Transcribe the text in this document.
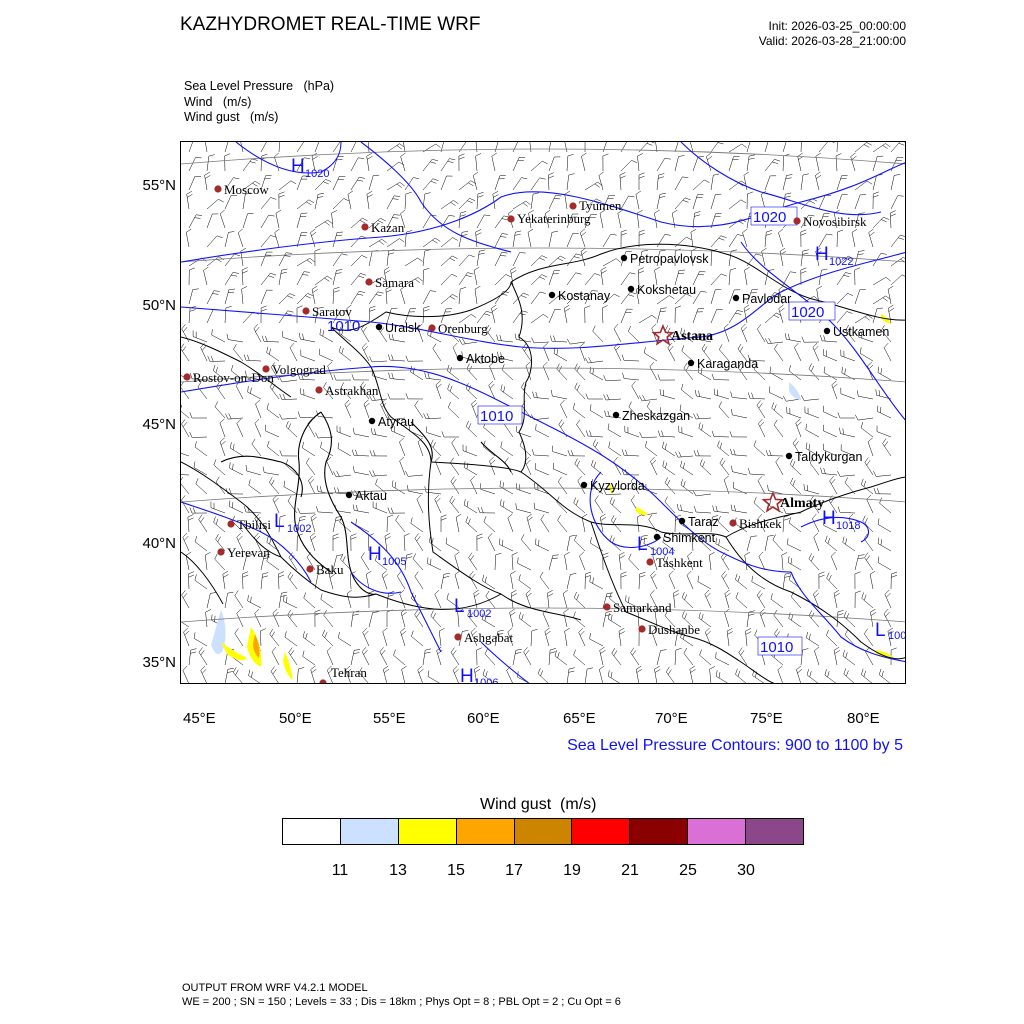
KAZHYDROMET REAL-TIME WRF	Init: 2026-03-25_00:00:00
Valid: 2026-03-28_21:00:00
Sea Level Pressure   (hPa)
Wind   (m/s)
Wind gust   (m/s)
1020
1020
1010
1010
1010
H 1020
H 1022
L 1002
H 1005
L 1002
L 1004
H 1018
H 1006
L 100
Moscow
Kazan
Tyumen
Yekaterinburg	Novosibirsk
Samara
Saratov
Orenburg
Volgograd
Rostov-on-Don
Astrakhan
Tbilisi
Yerevan
Baku
Ashgabat
Tehran
Samarkand
Dushanbe
Tashkent
Bishkek
Petropavlovsk
Kostanay Kokshetau
Pavlodar
Ustkamen
Uralsk
Aktobe	Karaganda
Atyrau	Zheskazgan
Taldykurgan
Kyzylorda
Aktau
Taraz
Shimkent
Astana
Almaty
55°N
50°N
45°N
40°N
35°N
45°E	50°E	55°E	60°E	65°E	70°E	75°E	80°E
Sea Level Pressure Contours: 900 to 1100 by 5
Wind gust  (m/s)
11	13	15	17	19	21	25	30
OUTPUT FROM WRF V4.2.1 MODEL
WE = 200 ; SN = 150 ; Levels = 33 ; Dis = 18km ; Phys Opt = 8 ; PBL Opt = 2 ; Cu Opt = 6
